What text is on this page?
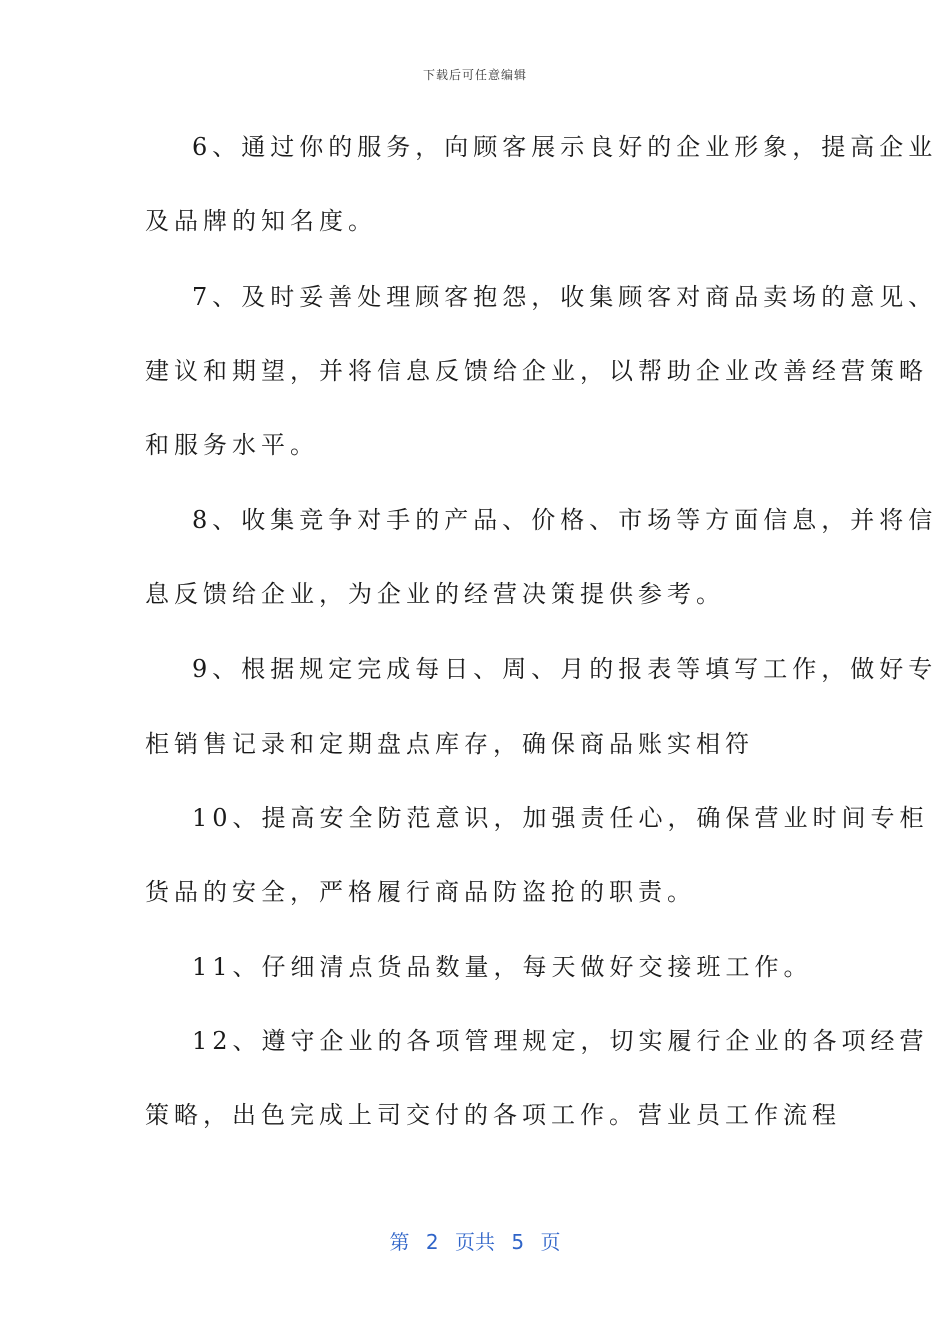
下载后可任意编辑
6、通过你的服务，向顾客展示良好的企业形象，提高企业
及品牌的知名度。
7、及时妥善处理顾客抱怨，收集顾客对商品卖场的意见、
建议和期望，并将信息反馈给企业，以帮助企业改善经营策略
和服务水平。
8、收集竞争对手的产品、价格、市场等方面信息，并将信
息反馈给企业，为企业的经营决策提供参考。
9、根据规定完成每日、周、月的报表等填写工作，做好专
柜销售记录和定期盘点库存，确保商品账实相符
10、提高安全防范意识，加强责任心，确保营业时间专柜
货品的安全，严格履行商品防盗抢的职责。
11、仔细清点货品数量，每天做好交接班工作。
12、遵守企业的各项管理规定，切实履行企业的各项经营
策略，出色完成上司交付的各项工作。营业员工作流程
第 2 页共 5 页
